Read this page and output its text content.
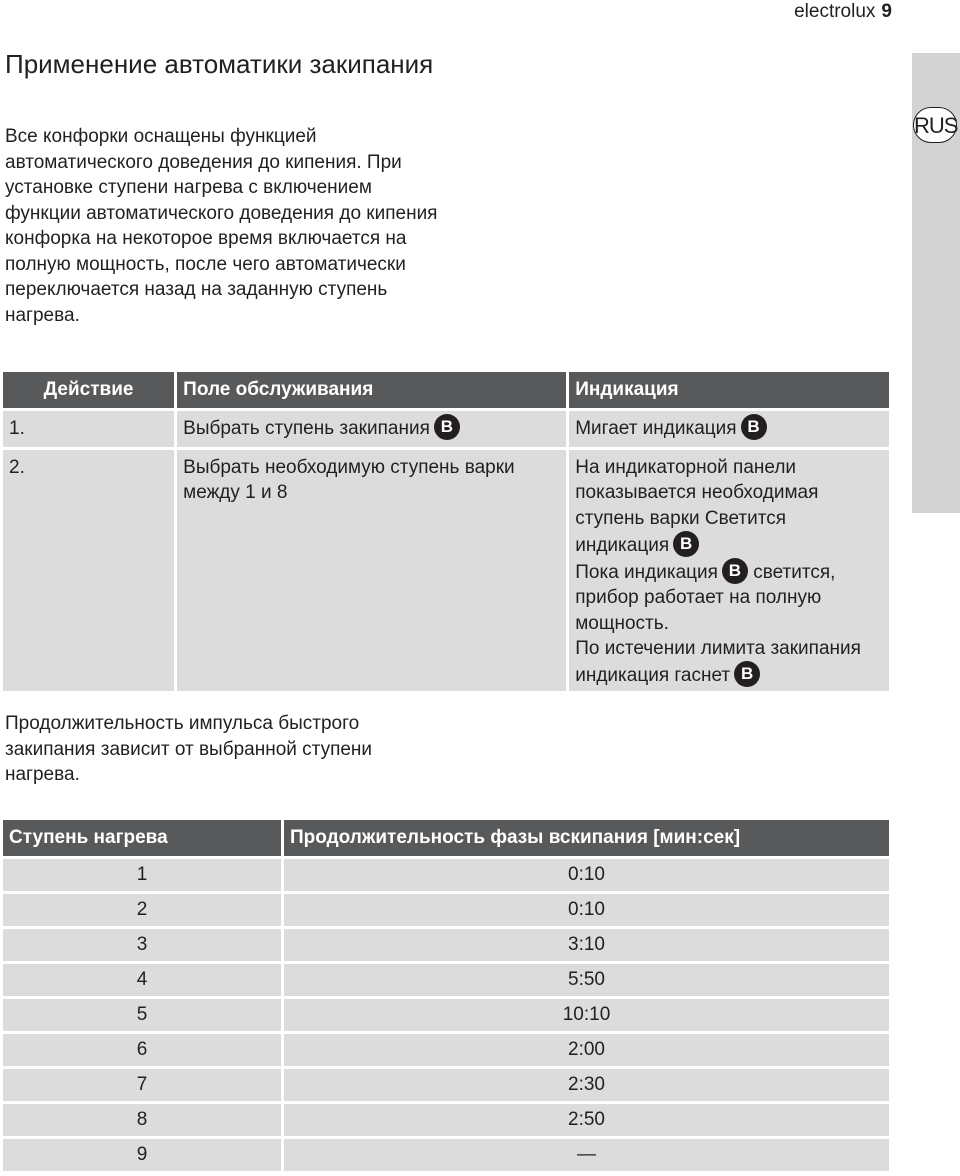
electrolux 9
RUS
Применение автоматики закипания

Все конфорки оснащены функцией автоматического доведения до кипения. При установке ступени нагрева с включением функции автоматического доведения до кипения конфорка на некоторое время включается на полную мощность, после чего автоматически переключается назад на заданную ступень нагрева.

Действие	Поле обслуживания	Индикация
1.	Выбрать ступень закипания B	Мигает индикация B
2.	Выбрать необходимую ступень варки между 1 и 8	На индикаторной панели показывается необходимая ступень варки Светится индикация B
Пока индикация B светится, прибор работает на полную мощность.
По истечении лимита закипания индикация гаснет B

Продолжительность импульса быстрого закипания зависит от выбранной ступени нагрева.

Ступень нагрева	Продолжительность фазы вскипания [мин:сек]
1	0:10
2	0:10
3	3:10
4	5:50
5	10:10
6	2:00
7	2:30
8	2:50
9	—
